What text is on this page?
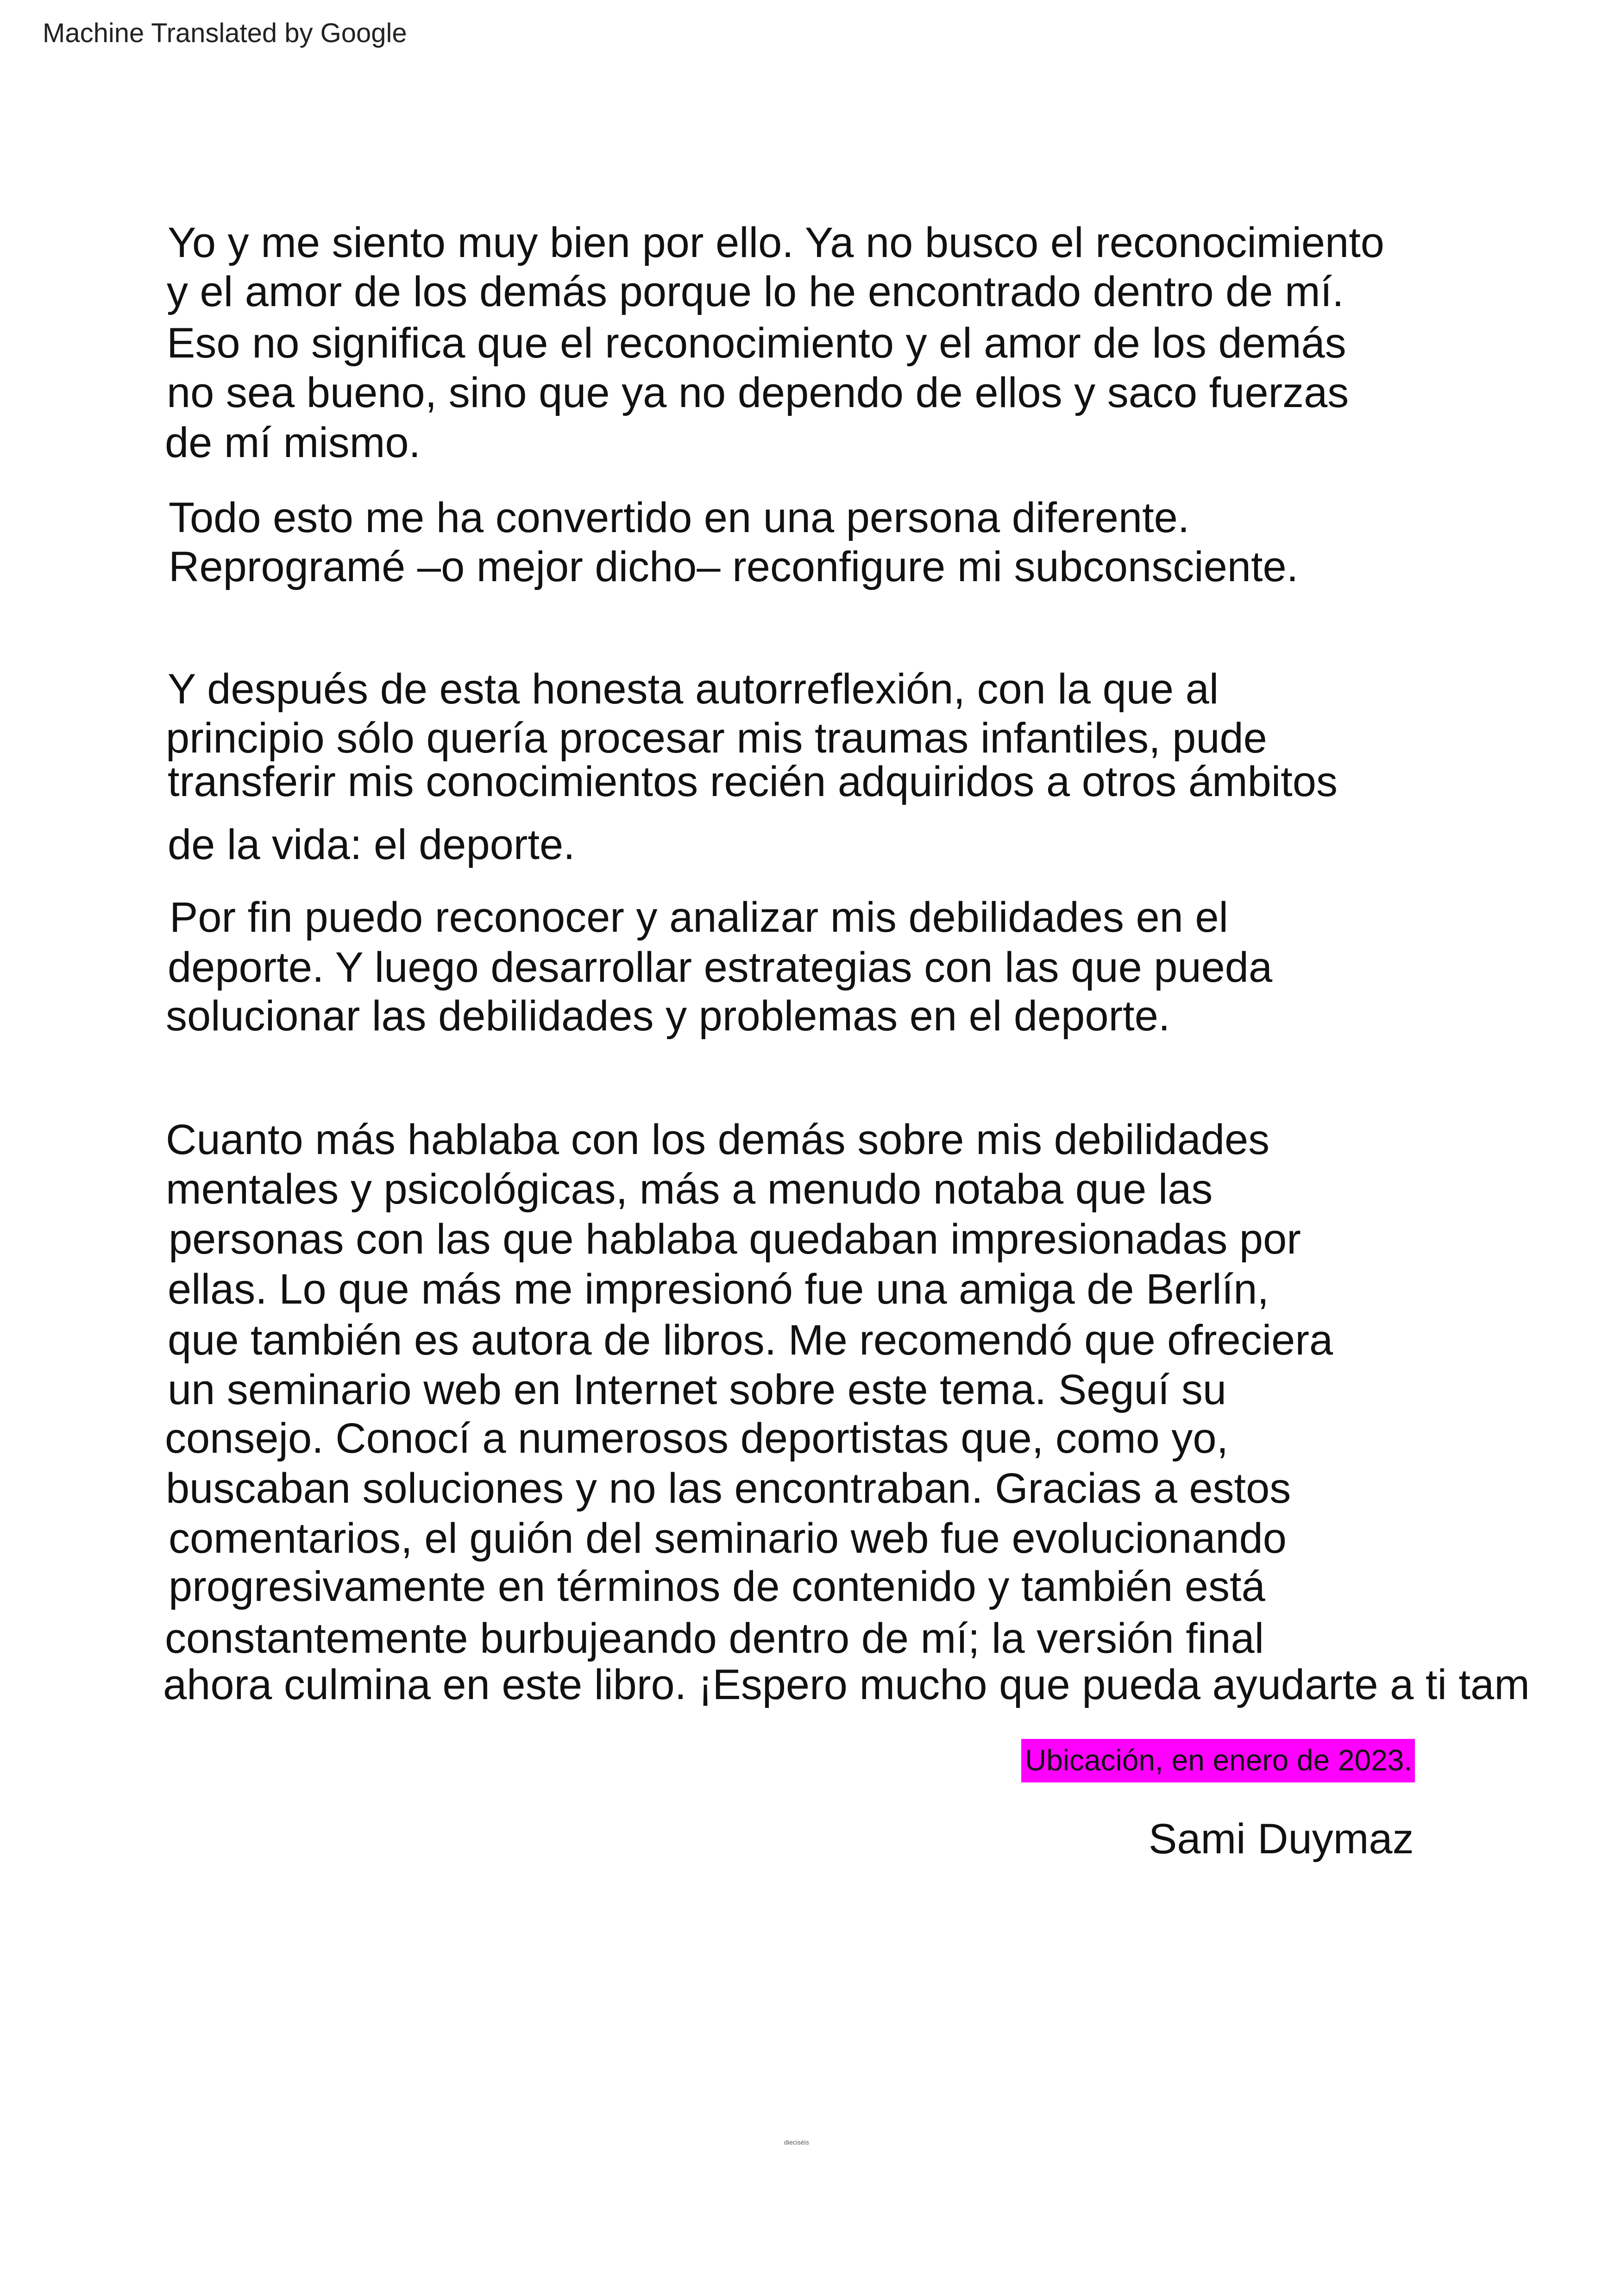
Machine Translated by Google
Yo y me siento muy bien por ello. Ya no busco el reconocimiento
y el amor de los demás porque lo he encontrado dentro de mí.
Eso no significa que el reconocimiento y el amor de los demás
no sea bueno, sino que ya no dependo de ellos y saco fuerzas
de mí mismo.
Todo esto me ha convertido en una persona diferente.
Reprogramé –o mejor dicho– reconfigure mi subconsciente.
Y después de esta honesta autorreflexión, con la que al
principio sólo quería procesar mis traumas infantiles, pude
transferir mis conocimientos recién adquiridos a otros ámbitos
de la vida: el deporte.
Por fin puedo reconocer y analizar mis debilidades en el
deporte. Y luego desarrollar estrategias con las que pueda
solucionar las debilidades y problemas en el deporte.
Cuanto más hablaba con los demás sobre mis debilidades
mentales y psicológicas, más a menudo notaba que las
personas con las que hablaba quedaban impresionadas por
ellas. Lo que más me impresionó fue una amiga de Berlín,
que también es autora de libros. Me recomendó que ofreciera
un seminario web en Internet sobre este tema. Seguí su
consejo. Conocí a numerosos deportistas que, como yo,
buscaban soluciones y no las encontraban. Gracias a estos
comentarios, el guión del seminario web fue evolucionando
progresivamente en términos de contenido y también está
constantemente burbujeando dentro de mí; la versión final
ahora culmina en este libro. ¡Espero mucho que pueda ayudarte a ti tam
Ubicación, en enero de 2023.
Sami Duymaz
dieciséis
